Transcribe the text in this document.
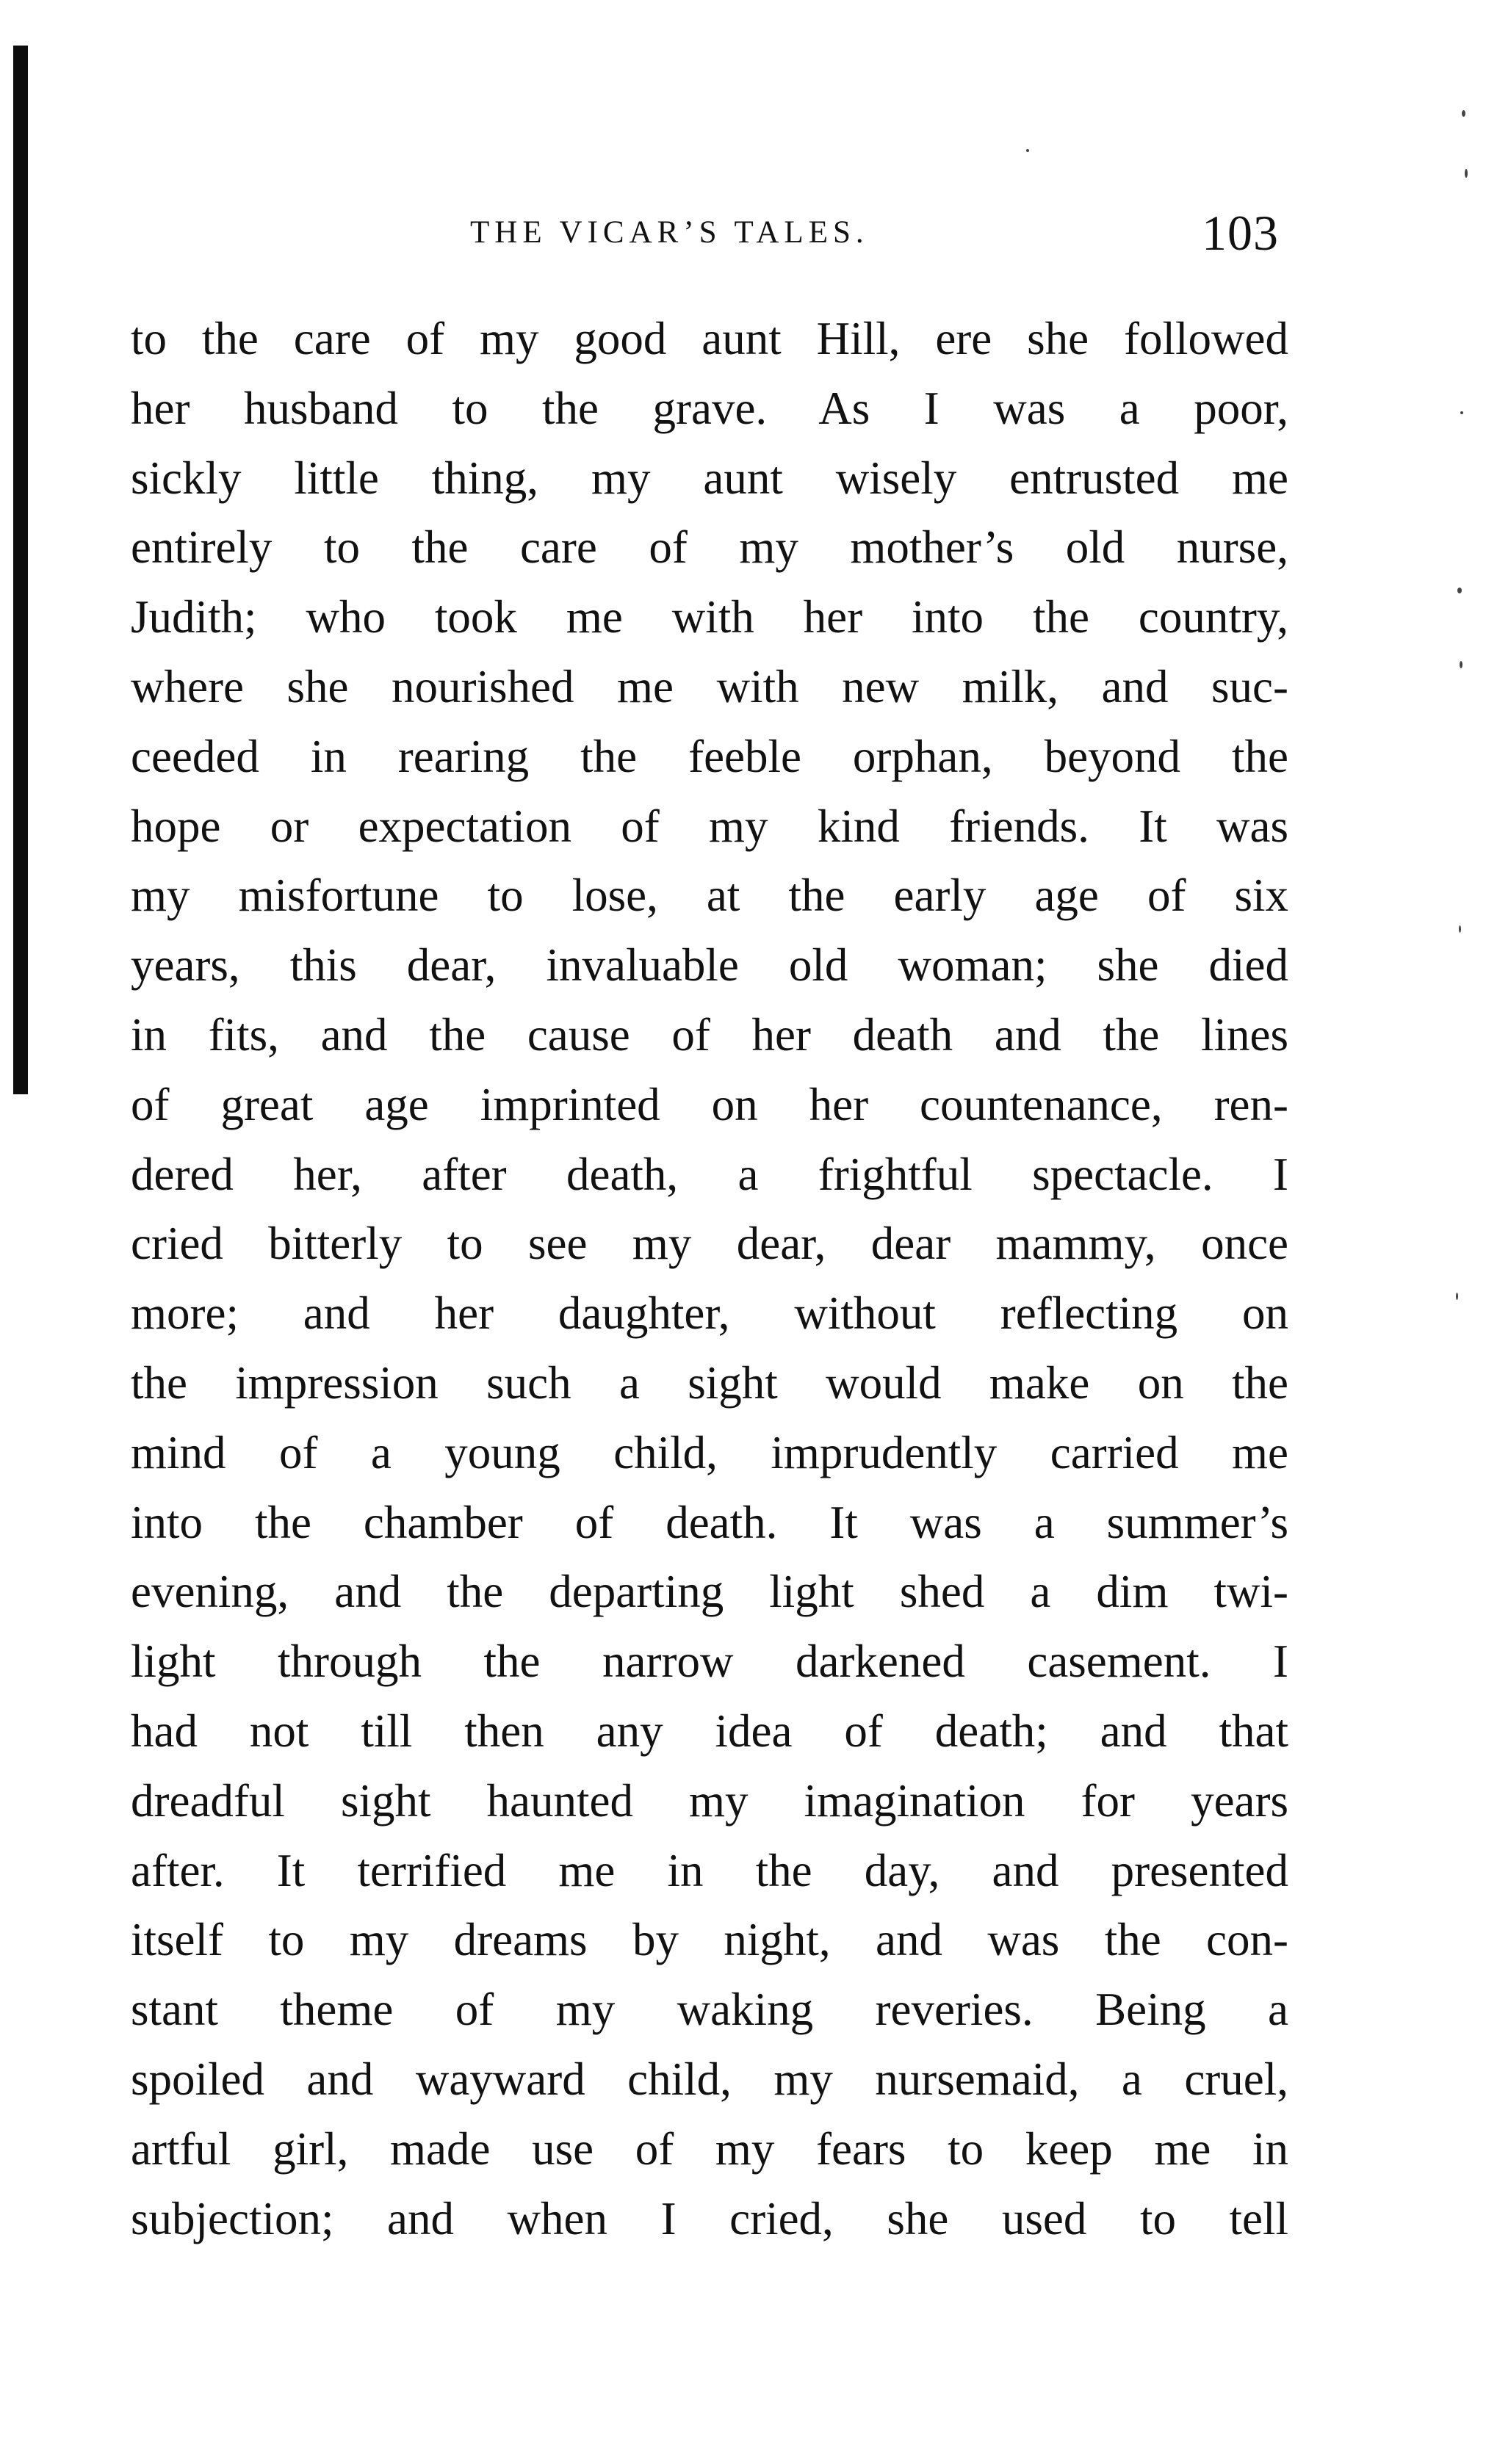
THE VICAR’S TALES.	103
to the care of my good aunt Hill, ere she followed
her husband to the grave. As I was a poor,
sickly little thing, my aunt wisely entrusted me
entirely to the care of my mother’s old nurse,
Judith; who took me with her into the country,
where she nourished me with new milk, and suc-
ceeded in rearing the feeble orphan, beyond the
hope or expectation of my kind friends. It was
my misfortune to lose, at the early age of six
years, this dear, invaluable old woman; she died
in fits, and the cause of her death and the lines
of great age imprinted on her countenance, ren-
dered her, after death, a frightful spectacle. I
cried bitterly to see my dear, dear mammy, once
more; and her daughter, without reflecting on
the impression such a sight would make on the
mind of a young child, imprudently carried me
into the chamber of death. It was a summer’s
evening, and the departing light shed a dim twi-
light through the narrow darkened casement. I
had not till then any idea of death; and that
dreadful sight haunted my imagination for years
after. It terrified me in the day, and presented
itself to my dreams by night, and was the con-
stant theme of my waking reveries. Being a
spoiled and wayward child, my nursemaid, a cruel,
artful girl, made use of my fears to keep me in
subjection; and when I cried, she used to tell
